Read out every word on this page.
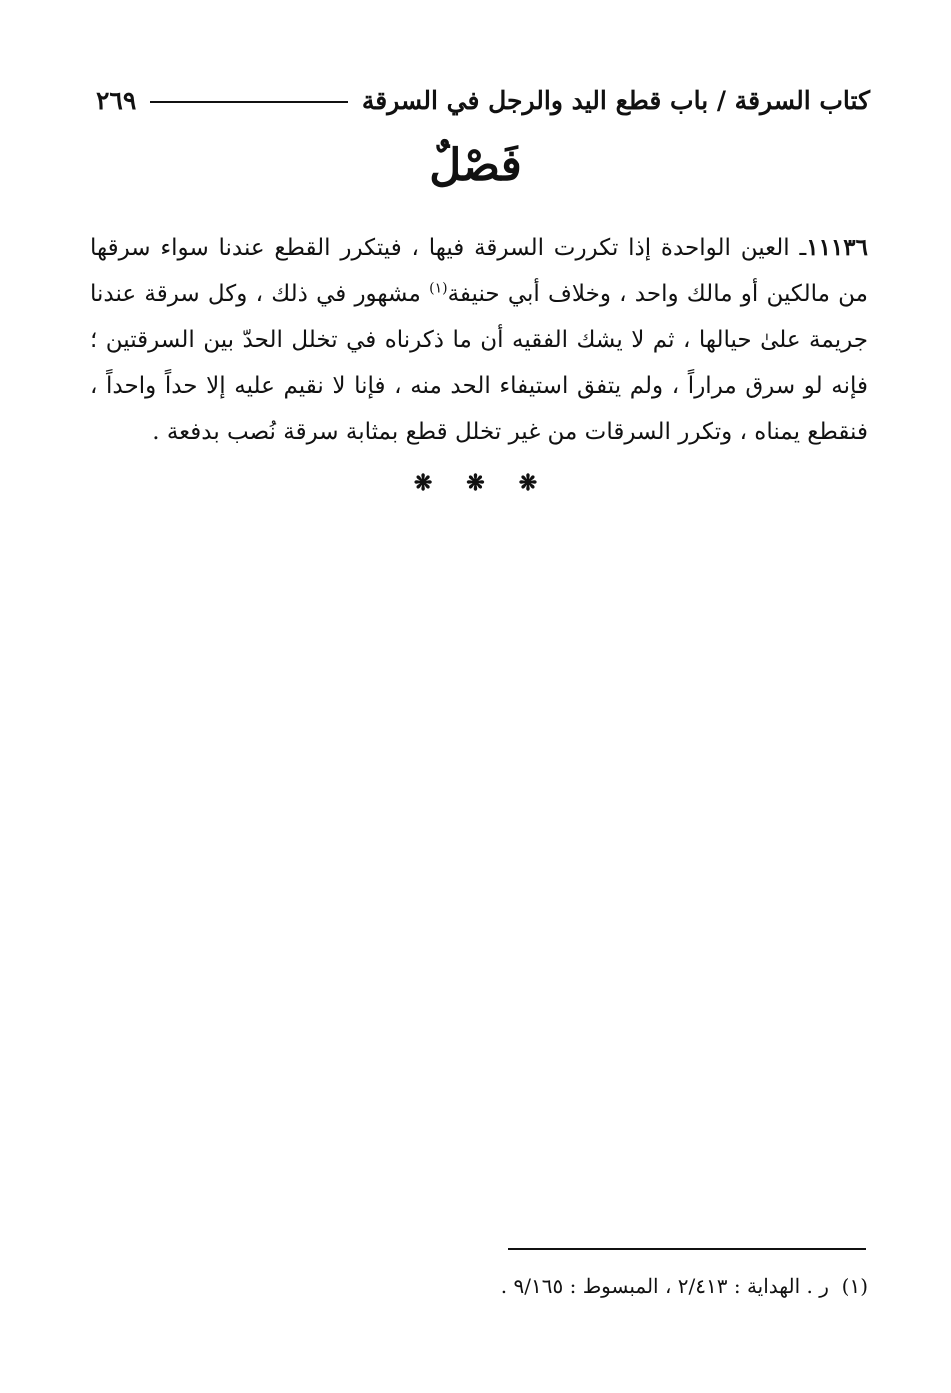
كتاب السرقة / باب قطع اليد والرجل في السرقة
٢٦٩
فَصْلٌ
١١١٣٦ـ العين الواحدة إذا تكررت السرقة فيها ، فيتكرر القطع عندنا سواء سرقها من مالكين أو مالك واحد ، وخلاف أبي حنيفة$^{(١)}$ مشهور في ذلك ، وكل سرقة عندنا جريمة علىٰ حيالها ، ثم لا يشك الفقيه أن ما ذكرناه في تخلل الحدّ بين السرقتين ؛ فإنه لو سرق مراراً ، ولم يتفق استيفاء الحد منه ، فإنا لا نقيم عليه إلا حداً واحداً ، فنقطع يمناه ، وتكرر السرقات من غير تخلل قطع بمثابة سرقة نُصب بدفعة .
❋ ❋ ❋
(١)  ر . الهداية : ٢/٤١٣ ، المبسوط : ٩/١٦٥ .
